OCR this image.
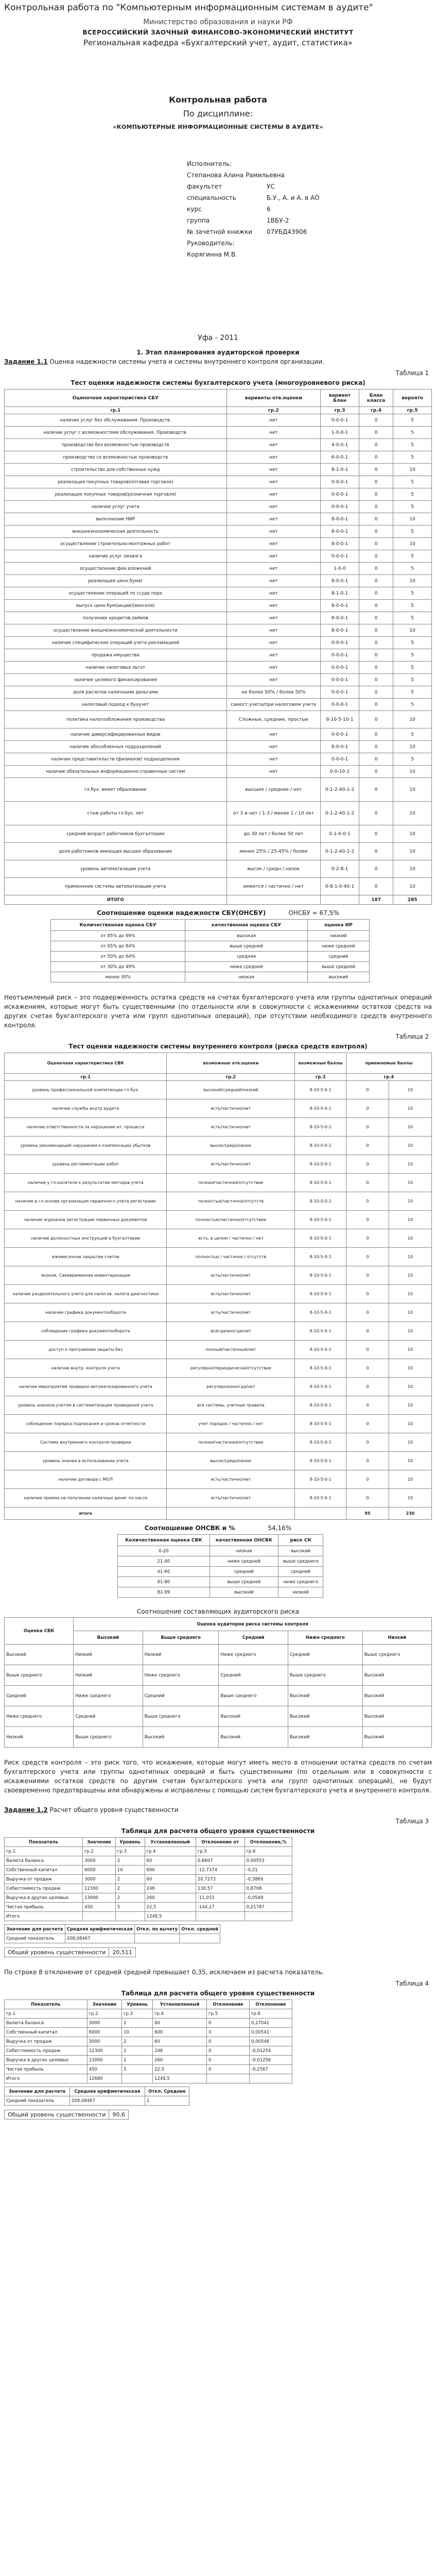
Контрольная работа по "Компьютерным информационным системам в аудите"
Министерство образования и науки РФ
ВСЕРОССИЙСКИЙ ЗАОЧНЫЙ ФИНАНСОВО-ЭКОНОМИЧЕСКИЙ ИНСТИТУТ
Региональная кафедра «Бухгалтерский учет, аудит, статистика»
Контрольная работа
По дисциплине:
«КОМПЬЮТЕРНЫЕ ИНФОРМАЦИОННЫЕ СИСТЕМЫ В АУДИТЕ»
Исполнитель:
Степанова Алина Рамильевна
факультет	УС
специальность	Б.У., А. и А. в АО
курс	6
группа	1ВБУ-2
№ зачетной книжки	07УБД43906
Руководитель:
Корягинна М.В.
Уфа - 2011
1. Этап планирования аудиторской проверки

Задание 1.1 Оценка надежности системы учета и системы внутреннего контроля организации.

Таблица 1
Тест оценки надежности системы бухгалтерского учета (многоуровневого риска)
Оценочная характеристика СБУ	варианты отв.оценки	вариант Блан	Блан класса	вероятн
гр.1	гр.2	гр.3	гр.4	гр.5
наличие услуг без обслуживания. Производств.	нет	0-0-0-1	0	5
наличие услуг с возможностями обслуживания. Производств.	нет	1-0-0-1	0	5
производство без возможностью производств	нет	4-0-0-1	0	5
производство со возможностью производств	нет	6-0-0-1	0	5
строительство для собственных нужд	нет	8-1-0-1	0	10
реализация покупных товаров(оптовая торговля)	нет	0-0-0-1	0	5
реализация покупных товаров(розничная торговля)	нет	0-0-0-1	0	5
наличие услуг учета	нет	0-0-0-1	0	5
выполнение НИР	нет	8-0-0-1	0	10
внешнеэкономическая деятельность	нет	8-0-0-1	0	5
осуществление строительно-монтажных работ	нет	8-0-0-1	0	10
наличие услуг лизинга	нет	0-0-0-1	0	5
осуществление фин.вложений	нет	1-0-0	0	5
реализация ценн.бумаг	нет	8-0-0-1	0	10
осуществление операций по ссуде поре	нет	8-1-0-1	0	5
выпуск ценн.бум(акции)(векселя)	нет	8-0-0-1	0	5
получение кредитов,займов	нет	8-0-0-1	0	5
осуществление внешнеэкономической деятельности	нет	8-0-0-1	0	10
наличие специфических операций учета рекламацией	нет	0-0-0-1	0	5
продажа имущества	нет	0-0-0-1	0	5
наличие налоговых льгот	нет	0-0-0-1	0	5
наличие целевого финансирования	нет	0-0-0-1	0	5
доля расчетов наличными деньгами	не более 50% / более 50%	0-0-0-1	0	5
налоговый подход к бухучет	самост.учета/при налоговом учете	0-0-0-1	0	5
политика налогообложения производства	Сложные, средние, простые	8-10-5-10-1	0	10
наличие диверсифицированных видов	нет	0-0-0-1	0	5
наличие обособленных подразделений	нет	8-0-0-1	0	10
наличие представительств (филиалов) подразделения	нет	0-0-0-1	0	5
наличие обязательных информационно-справочных систем	нет	0-0-10-1	0	10
гл.бух. имеет образование	высшее / среднее / нет	0-1-2-40-1-2	0	10
стаж работы гл.бух. лет	от 3 и нет / 1-3 / менее 1 / 10 лет	0-1-2-40-1-2	0	10
средний возраст работников бухгалтерии	до 30 лет / более 50 лет	0-1-0-0-1	0	10
доля работников имеющих высшее образование	менее 25% / 25-45% / более	0-1-2-40-1-2	0	10
уровень автоматизации учета	высок / средн / низок	0-2-8-1	0	10
применение системы автоматизации учета	имеется / частично / нет	0-8-1-0-40-1	0	10
ИТОГО			187	285
Соотношение оценки надежности СБУ(ОНСБУ)	ОНСБУ = 67,5%
Количественная оценка СБУ	качественная оценка СБУ	оценка ИР
от 85% до 99%	высокая	низкий
от 65% до 84%	выше средней	ниже средней
от 50% до 64%	средняя	средний
от 30% до 49%	ниже средней	выше средней
менее 30%	низкая	высокий

Неотъемлемый риск – это подверженность остатка средств на счетах бухгалтерского учета или группы однотипных операций искажениям, которые могут быть существенными (по отдельности или в совокупности с искажениями остатков средств на других счетах бухгалтерского учета или групп однотипных операций), при отсутствии необходимого средств внутреннего контроля.

Таблица 2
Тест оценки надежности системы внутреннего контроля (риска средств контроля)
Оценочная характеристика СВК	возможные отв.оценки	возможные баллы	приемлемые баллы	
гр.1	гр.2	гр.3	гр.4	
уровень профессиональной компетенции гл.бух.	высокий/средний/низкий	8-10-5-0-1	0	10
наличие службы внутр.аудита	есть/частично/нет	8-10-5-0-1	0	10
наличие ответственности за нарушение ит. процесса	есть/частично/нет	8-10-5-0-1	0	10
уровень рекомендаций нарушения к компенсации убытков	высок/средн/низок	8-10-5-0-1	0	10
уровень регламентации работ	есть/частично/нет	8-10-5-0-1	0	10
наличие у гл.носителя к результатам методов учета	полная/частичная/отсутствие	8-10-5-0-1	0	10
наличие в гл.основе организация первичного учета регистрами	полностью/частично/отсутств	8-10-5-0-1	0	10
наличие журналов регистрации первичных документов	полностью/частично/отсутствие	8-10-5-0-1	0	10
наличие должностных инструкций в бухгалтерии	есть, в целом / частично / нет	8-10-5-0-1	0	10
ежемесячное закрытие счетов	полностью / частично / отсутств	8-10-5-0-1	0	10
эконом. Своевременная инвентаризация	есть/частично/нет	8-10-5-0-1	0	10
наличие разделительного учета для налогов. налога диагностики	есть/частично/нет	8-10-5-0-1	0	10
наличие графика документооборота	есть/частично/нет	8-10-5-0-1	0	10
соблюдение графика документооборота	всегда/иногда/нет	8-10-5-0-1	0	10
доступ к программам защиты баз	полный/частичный/нет	8-10-5-0-1	0	10
наличие внутр. контроля учета	регулярно/периодически/отсутствие	8-10-5-0-1	0	10
наличие мероприятий проверки автоматизированного учета	регулярно/иногда/нет	8-10-5-0-1	0	10
уровень анализа учетом в систематизации проведения учета	все системы, учетные правила	8-10-5-0-1	0	10
соблюдение порядка подписания и сроков отчетности	учет порядок / частично / нет	8-10-5-0-1	0	10
Система внутреннего контроля проверки	полная/частичная/отсутствие	8-10-5-0-1	0	10
уровень знания в использовании учета	высок/средн/низок	8-10-5-0-1	0	10
наличие договора с МОЛ	есть/частично/нет	8-10-5-0-1	0	10
наличие приема на получение наличных денег по кассе	есть/частично/нет	8-10-5-0-1	0	10
итого			95	230
Соотношение ОНСВК и %	54,16%
Количественная оценка СВК	качественная ОНСВК	риск СК
0-20	низкая	высокий
21-40	ниже средней	выше среднего
41-60	средний	средний
61-80	выше средней	ниже среднего
81-99	высокий	низкий
Соотношение составляющих аудиторского риска
Оценка СВК	Оценка аудиторов риска системы контроля				
	Высокий	Выше среднего	Средний	Ниже среднего	Низкий
Высокий	Низкий	Низкий	Ниже среднего	Средний	Выше среднего
Выше среднего	Низкий	Ниже среднего	Средний	Выше среднего	Высокий
Средний	Ниже среднего	Средний	Выше среднего	Высокий	Высокий
Ниже среднего	Средний	Выше среднего	Высокий	Высокий	Высокий
Низкий	Выше среднего	Высокий	Высокий	Высокий	Высокий

Риск средств контроля – это риск того, что искажения, которые могут иметь место в отношении остатка средств по счетам бухгалтерского учета или группы однотипных операций и быть существенными (по отдельным или в совокупности с искажениями остатков средств по другим счетам бухгалтерского учета или групп однотипных операций), не будут своевременно предотвращены или обнаружены и исправлены с помощью систем бухгалтерского учета и внутреннего контроля.

Задание 1.2 Расчет общего уровня существенности

Таблица 3
Таблица для расчета общего уровня существенности
Показатель	Значение	Уровень	Установленный	Отклонение от	Отклонение,%
гр.1	гр.2	гр.3	гр.4	гр.5	гр.6
Валюта баланса	3000	2	60	0,6607	0,00553
Собственный капитал	6000	10	600	-12,7374	-0,21
Выручка от продаж	3000	2	60	20,7273	-0,3869
Себестоимость продаж	12300	2	246	130,57	0,8708
Выручка в других целевых	13000	2	260	-11,033	-0,0549
Чистая прибыль	450	5	22,5	-144,17	0,21787
Итого			1248,5		
Значение для расчета	Средняя арифметическая	Откл. по вычету	Откл. средней
Средний показатель	208,08467		
Общий уровень существенности	20,511

По строке 8 отклонение от средней средней превышает 0,35, исключаем из расчета показатель.

Таблица 4
Таблица для расчета общего уровня существенности
Показатель	Значение	Уровень	Установленный	Отклонение	Отклонение
гр.1	гр.2	гр.3	гр.4	гр.5	гр.6
Валюта баланса	3000	2	60	0	0,27041
Собственный капитал	6000	10	600	0	0,00541
Выручка от продаж	3000	2	60	0	0,00546
Себестоимость продаж	12300	2	246	0	-0,01254
Выручка в других целевых	13000	2	260	0	-0,01256
Чистая прибыль	450	5	22,5	0	-0,2567
Итого	12680		1248,5		
Значение для расчета	Средняя арифметическая	Откл. Среднее
Средний показатель	208,08467	1
Общий уровень существенности	90,6
